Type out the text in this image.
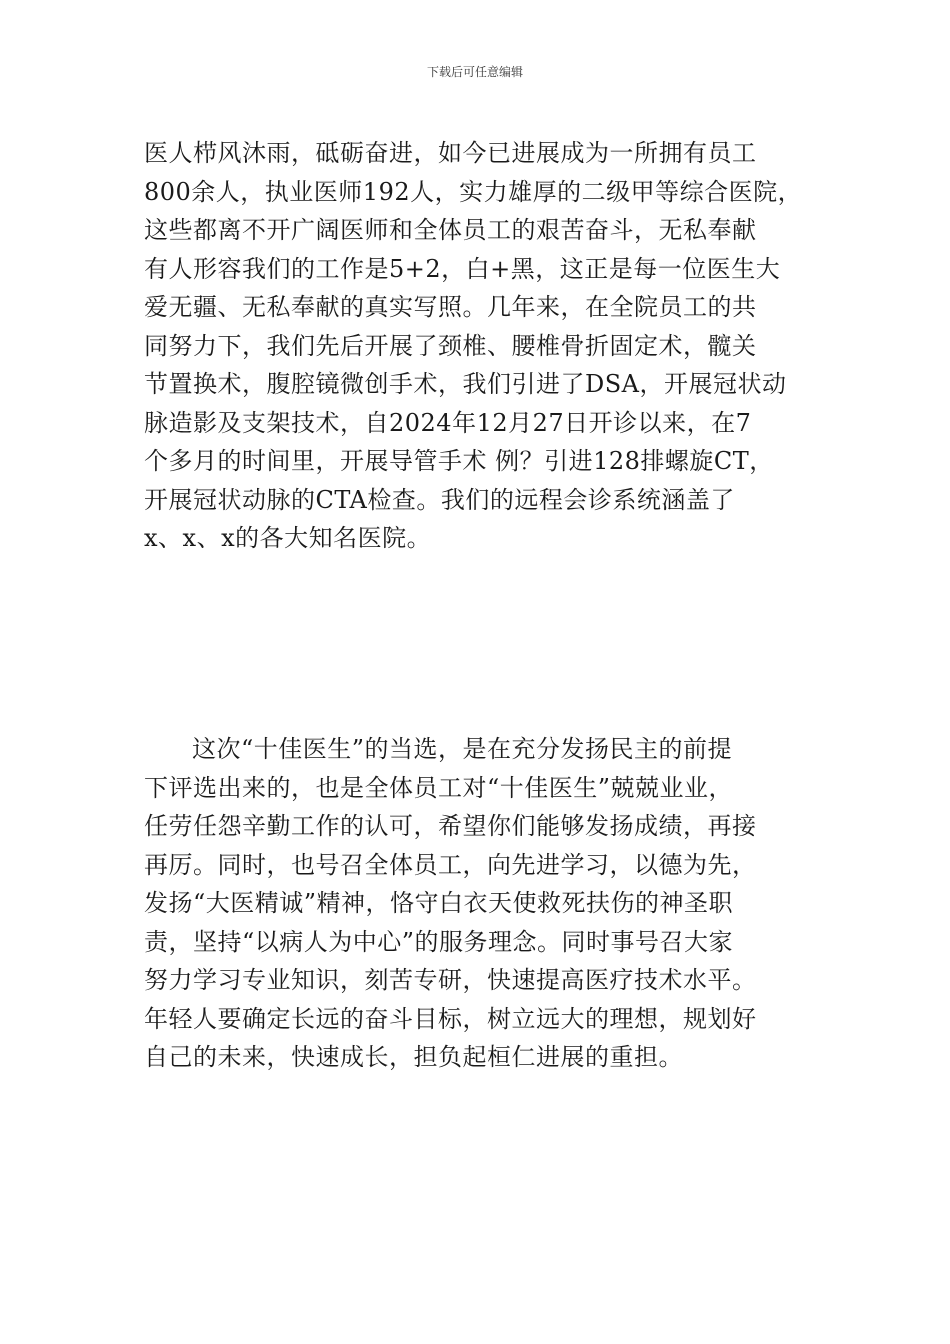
下载后可任意编辑
医人栉风沐雨，砥砺奋进，如今已进展成为一所拥有员工
800余人，执业医师192人，实力雄厚的二级甲等综合医院，
这些都离不开广阔医师和全体员工的艰苦奋斗，无私奉献
有人形容我们的工作是5+2，白+黑，这正是每一位医生大
爱无疆、无私奉献的真实写照。几年来，在全院员工的共
同努力下，我们先后开展了颈椎、腰椎骨折固定术，髋关
节置换术，腹腔镜微创手术，我们引进了DSA，开展冠状动
脉造影及支架技术，自2024年12月27日开诊以来，在7
个多月的时间里，开展导管手术 例？引进128排螺旋CT，
开展冠状动脉的CTA检查。我们的远程会诊系统涵盖了
x、x、x的各大知名医院。
这次“十佳医生”的当选，是在充分发扬民主的前提
下评选出来的，也是全体员工对“十佳医生”兢兢业业，
任劳任怨辛勤工作的认可，希望你们能够发扬成绩，再接
再厉。同时，也号召全体员工，向先进学习，以德为先，
发扬“大医精诚”精神，恪守白衣天使救死扶伤的神圣职
责，坚持“以病人为中心”的服务理念。同时事号召大家
努力学习专业知识，刻苦专研，快速提高医疗技术水平。
年轻人要确定长远的奋斗目标，树立远大的理想，规划好
自己的未来，快速成长，担负起桓仁进展的重担。
